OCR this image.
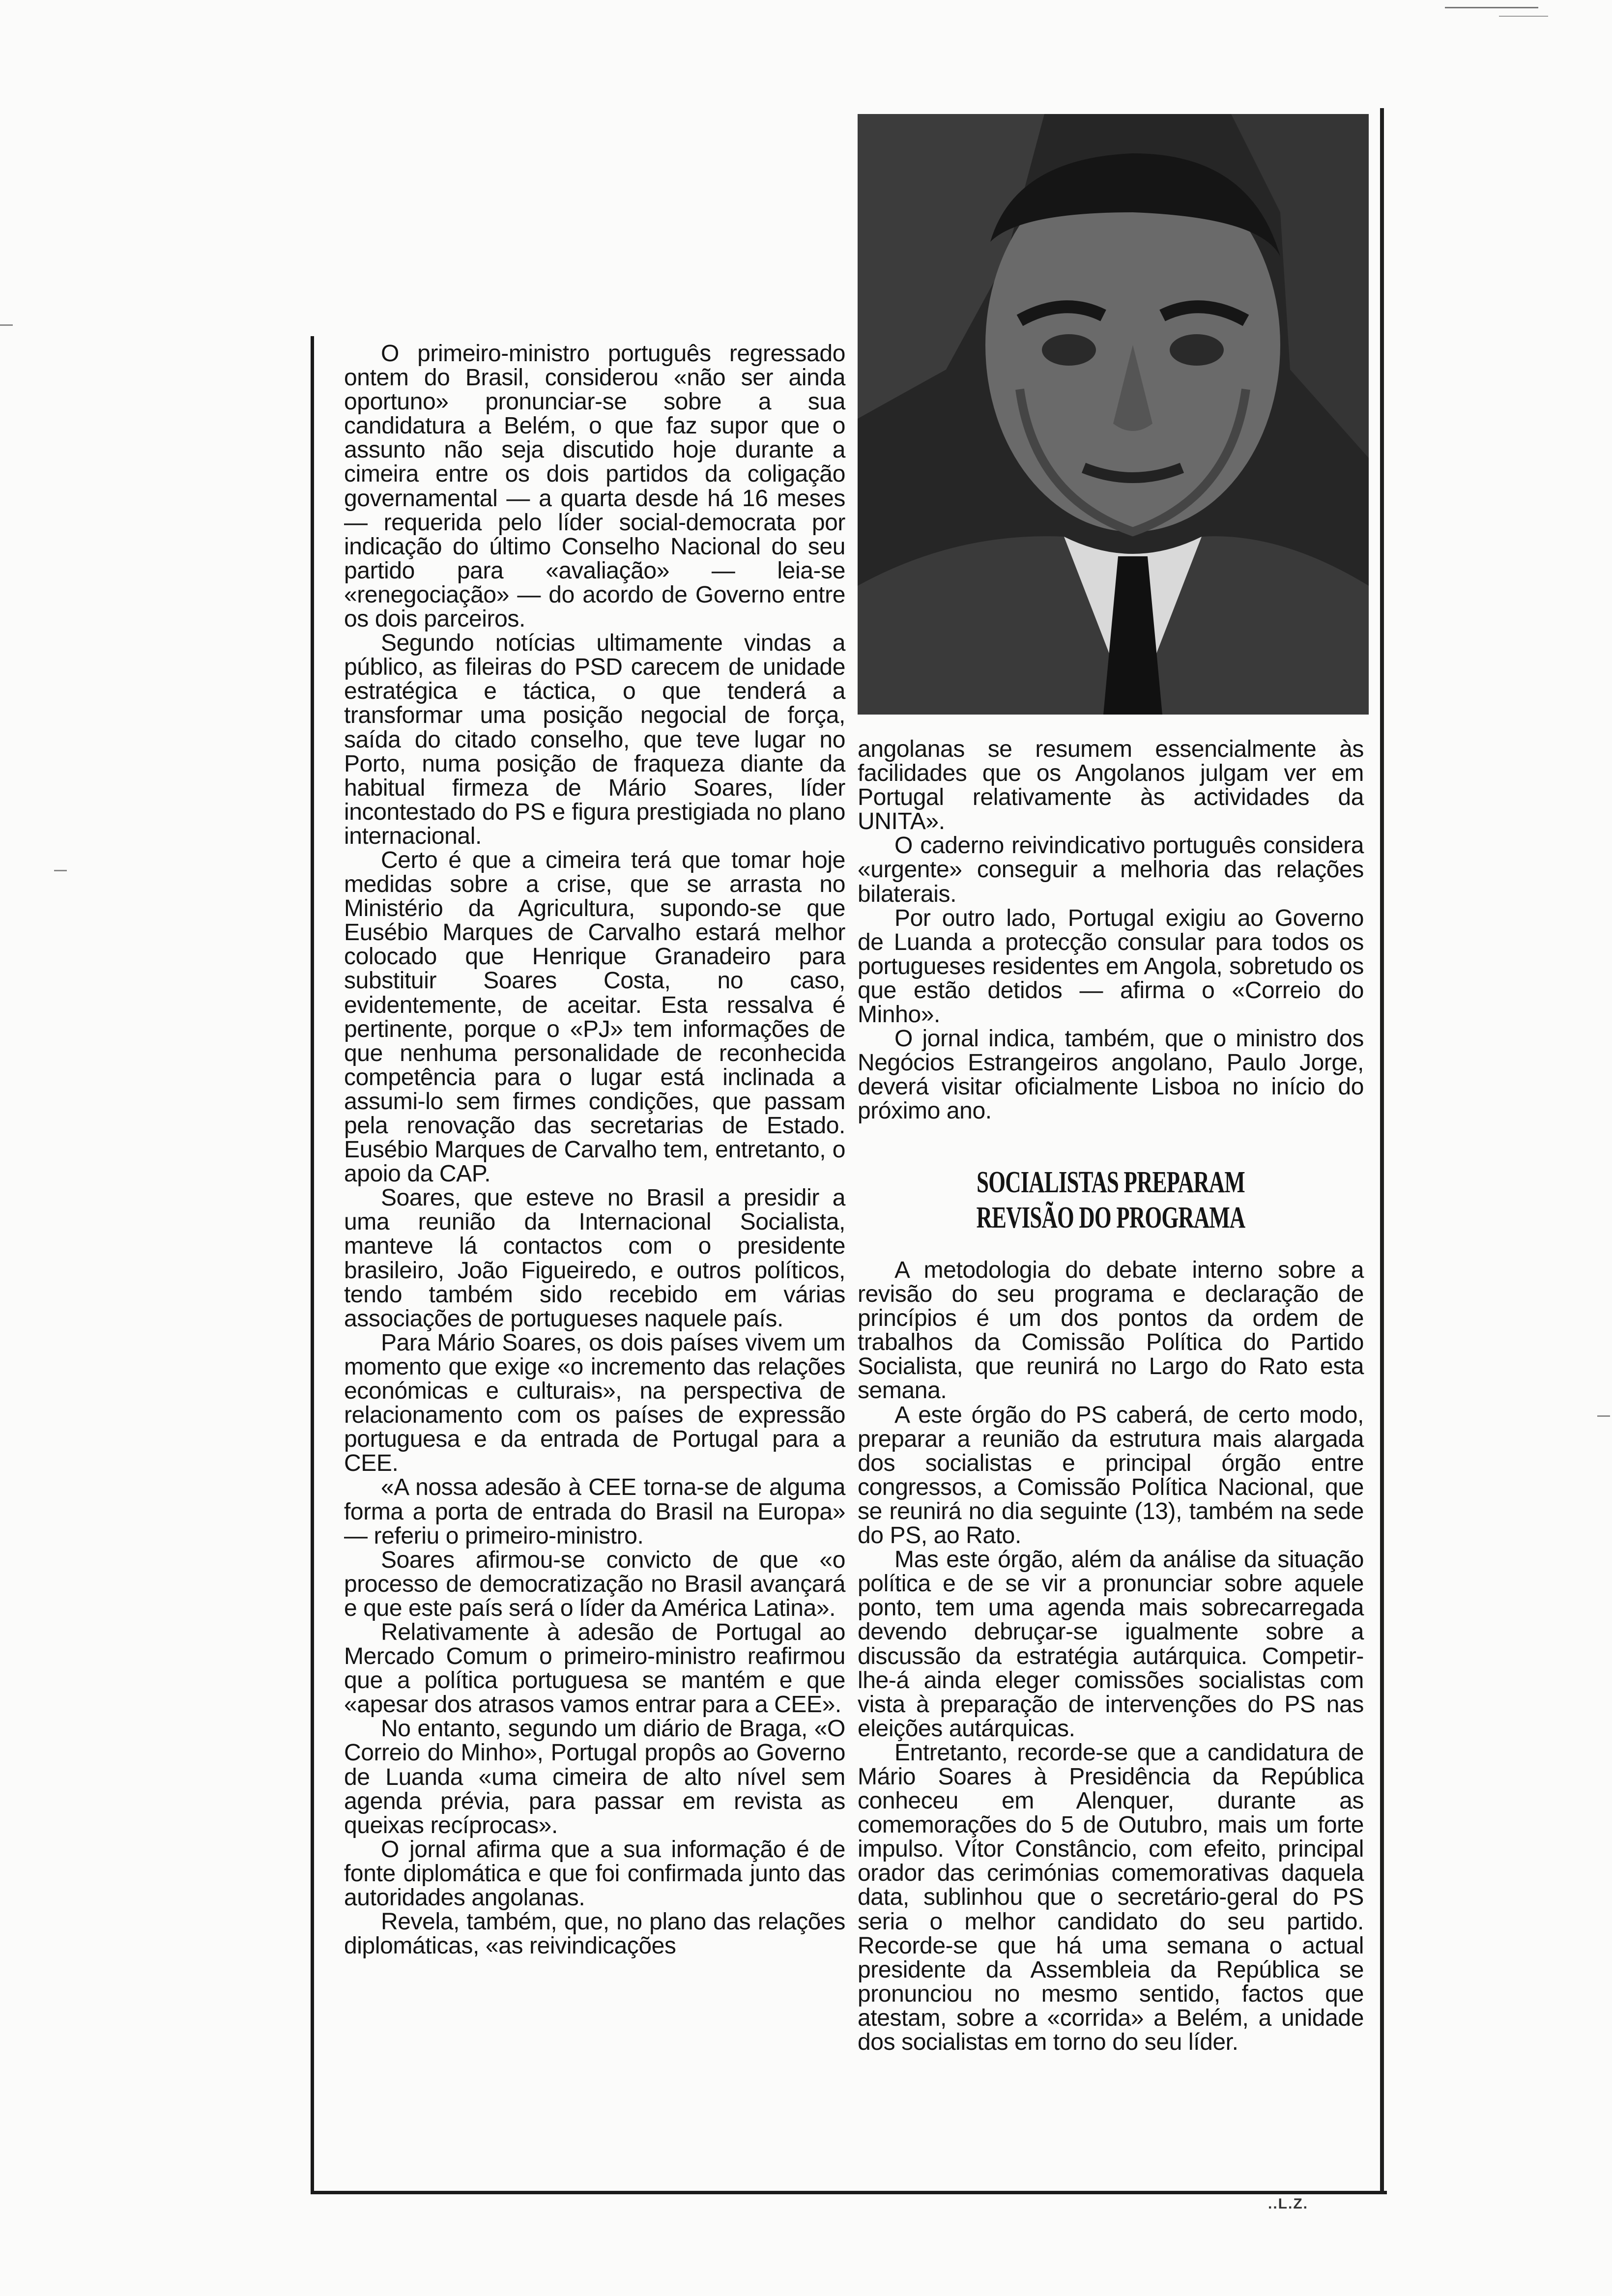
O primeiro-ministro português regressado ontem do Brasil, considerou «não ser ainda oportuno» pronunciar-se sobre a sua candidatura a Belém, o que faz supor que o assunto não seja discutido hoje durante a cimeira entre os dois partidos da coligação governamental — a quarta desde há 16 meses — requerida pelo líder social-democrata por indicação do último Conselho Nacional do seu partido para «avaliação» — leia-se «renegociação» — do acordo de Governo entre os dois parceiros.

Segundo notícias ultimamente vindas a público, as fileiras do PSD carecem de unidade estratégica e táctica, o que tenderá a transformar uma posição negocial de força, saída do citado conselho, que teve lugar no Porto, numa posição de fraqueza diante da habitual firmeza de Mário Soares, líder incontestado do PS e figura prestigiada no plano internacional.

Certo é que a cimeira terá que tomar hoje medidas sobre a crise, que se arrasta no Ministério da Agricultura, supondo-se que Eusébio Marques de Carvalho estará melhor colocado que Henrique Granadeiro para substituir Soares Costa, no caso, evidentemente, de aceitar. Esta ressalva é pertinente, porque o «PJ» tem informações de que nenhuma personalidade de reconhecida competência para o lugar está inclinada a assumi-lo sem firmes condições, que passam pela renovação das secretarias de Estado. Eusébio Marques de Carvalho tem, entretanto, o apoio da CAP.

Soares, que esteve no Brasil a presidir a uma reunião da Internacional Socialista, manteve lá contactos com o presidente brasileiro, João Figueiredo, e outros políticos, tendo também sido recebido em várias associações de portugueses naquele país.

Para Mário Soares, os dois países vivem um momento que exige «o incremento das relações económicas e culturais», na perspectiva de relacionamento com os países de expressão portuguesa e da entrada de Portugal para a CEE.

«A nossa adesão à CEE torna-se de alguma forma a porta de entrada do Brasil na Europa» — referiu o primeiro-ministro.

Soares afirmou-se convicto de que «o processo de democratização no Brasil avançará e que este país será o líder da América Latina».

Relativamente à adesão de Portugal ao Mercado Comum o primeiro-ministro reafirmou que a política portuguesa se mantém e que «apesar dos atrasos vamos entrar para a CEE».

No entanto, segundo um diário de Braga, «O Correio do Minho», Portugal propôs ao Governo de Luanda «uma cimeira de alto nível sem agenda prévia, para passar em revista as queixas recíprocas».

O jornal afirma que a sua informação é de fonte diplomática e que foi confirmada junto das autoridades angolanas.

Revela, também, que, no plano das relações diplomáticas, «as reivindicações

angolanas se resumem essencialmente às facilidades que os Angolanos julgam ver em Portugal relativamente às actividades da UNITA».

O caderno reivindicativo português considera «urgente» conseguir a melhoria das relações bilaterais.

Por outro lado, Portugal exigiu ao Governo de Luanda a protecção consular para todos os portugueses residentes em Angola, sobretudo os que estão detidos — afirma o «Correio do Minho».

O jornal indica, também, que o ministro dos Negócios Estrangeiros angolano, Paulo Jorge, deverá visitar oficialmente Lisboa no início do próximo ano.

SOCIALISTAS PREPARAM
REVISÃO DO PROGRAMA

A metodologia do debate interno sobre a revisão do seu programa e declaração de princípios é um dos pontos da ordem de trabalhos da Comissão Política do Partido Socialista, que reunirá no Largo do Rato esta semana.

A este órgão do PS caberá, de certo modo, preparar a reunião da estrutura mais alargada dos socialistas e principal órgão entre congressos, a Comissão Política Nacional, que se reunirá no dia seguinte (13), também na sede do PS, ao Rato.

Mas este órgão, além da análise da situação política e de se vir a pronunciar sobre aquele ponto, tem uma agenda mais sobrecarregada devendo debruçar-se igualmente sobre a discussão da estratégia autárquica. Competir-lhe-á ainda eleger comissões socialistas com vista à preparação de intervenções do PS nas eleições autárquicas.

Entretanto, recorde-se que a candidatura de Mário Soares à Presidência da República conheceu em Alenquer, durante as comemorações do 5 de Outubro, mais um forte impulso. Vítor Constâncio, com efeito, principal orador das cerimónias comemorativas daquela data, sublinhou que o secretário-geral do PS seria o melhor candidato do seu partido. Recorde-se que há uma semana o actual presidente da Assembleia da República se pronunciou no mesmo sentido, factos que atestam, sobre a «corrida» a Belém, a unidade dos socialistas em torno do seu líder.

..L.Z.
